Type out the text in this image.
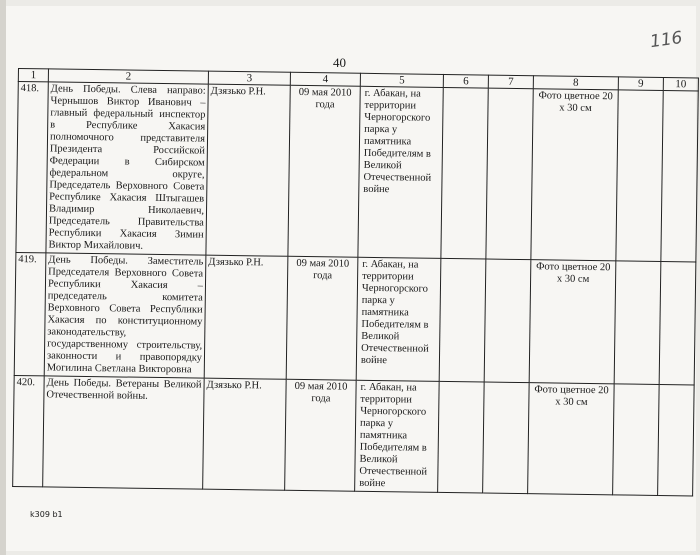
116
40
1	2	3	4	5	6	7	8	9	10
418.	День Победы. Слева направо: Чернышов Виктор Иванович – главный федеральный инспектор в Республике Хакасия полномочного представителя Президента Российской Федерации в Сибирском федеральном округе, Председатель Верховного Совета Республике Хакасия Штыгашев Владимир Николаевич, Председатель Правительства Республики Хакасия Зимин Виктор Михайлович.	Дзязько Р.Н.	09 мая 2010 года	г. Абакан, на территории Черногорского парка у памятника Победителям в Великой Отечественной войне			Фото цветное 20 х 30 см		
419.	День Победы. Заместитель Председателя Верховного Совета Республики Хакасия – председатель комитета Верховного Совета Республики Хакасия по конституционному законодательству, государственному строительству, законности и правопорядку Могилина Светлана Викторовна	Дзязько Р.Н.	09 мая 2010 года	г. Абакан, на территории Черногорского парка у памятника Победителям в Великой Отечественной войне			Фото цветное 20 х 30 см		
420.	День Победы. Ветераны Великой Отечественной войны.	Дзязько Р.Н.	09 мая 2010 года	г. Абакан, на территории Черногорского парка у памятника Победителям в Великой Отечественной войне			Фото цветное 20 х 30 см		
k309 b1
